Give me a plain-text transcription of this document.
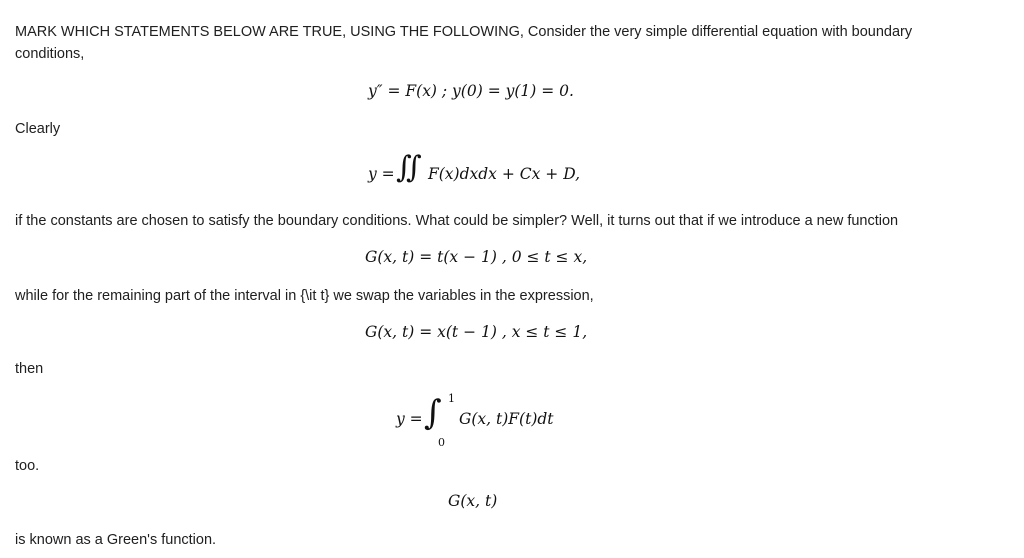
MARK WHICH STATEMENTS BELOW ARE TRUE, USING THE FOLLOWING, Consider the very simple differential equation with boundary conditions,

y″ = F(x) ; y(0) = y(1) = 0.

Clearly

y = ∬ F(x)dxdx + Cx + D,

if the constants are chosen to satisfy the boundary conditions. What could be simpler? Well, it turns out that if we introduce a new function

G(x, t) = t(x − 1) , 0 ≤ t ≤ x,

while for the remaining part of the interval in {\it t} we swap the variables in the expression,

G(x, t) = x(t − 1) , x ≤ t ≤ 1,

then

y = ∫ 1
0
G(x, t)F(t)dt

too.

G(x, t)

is known as a Green's function.
